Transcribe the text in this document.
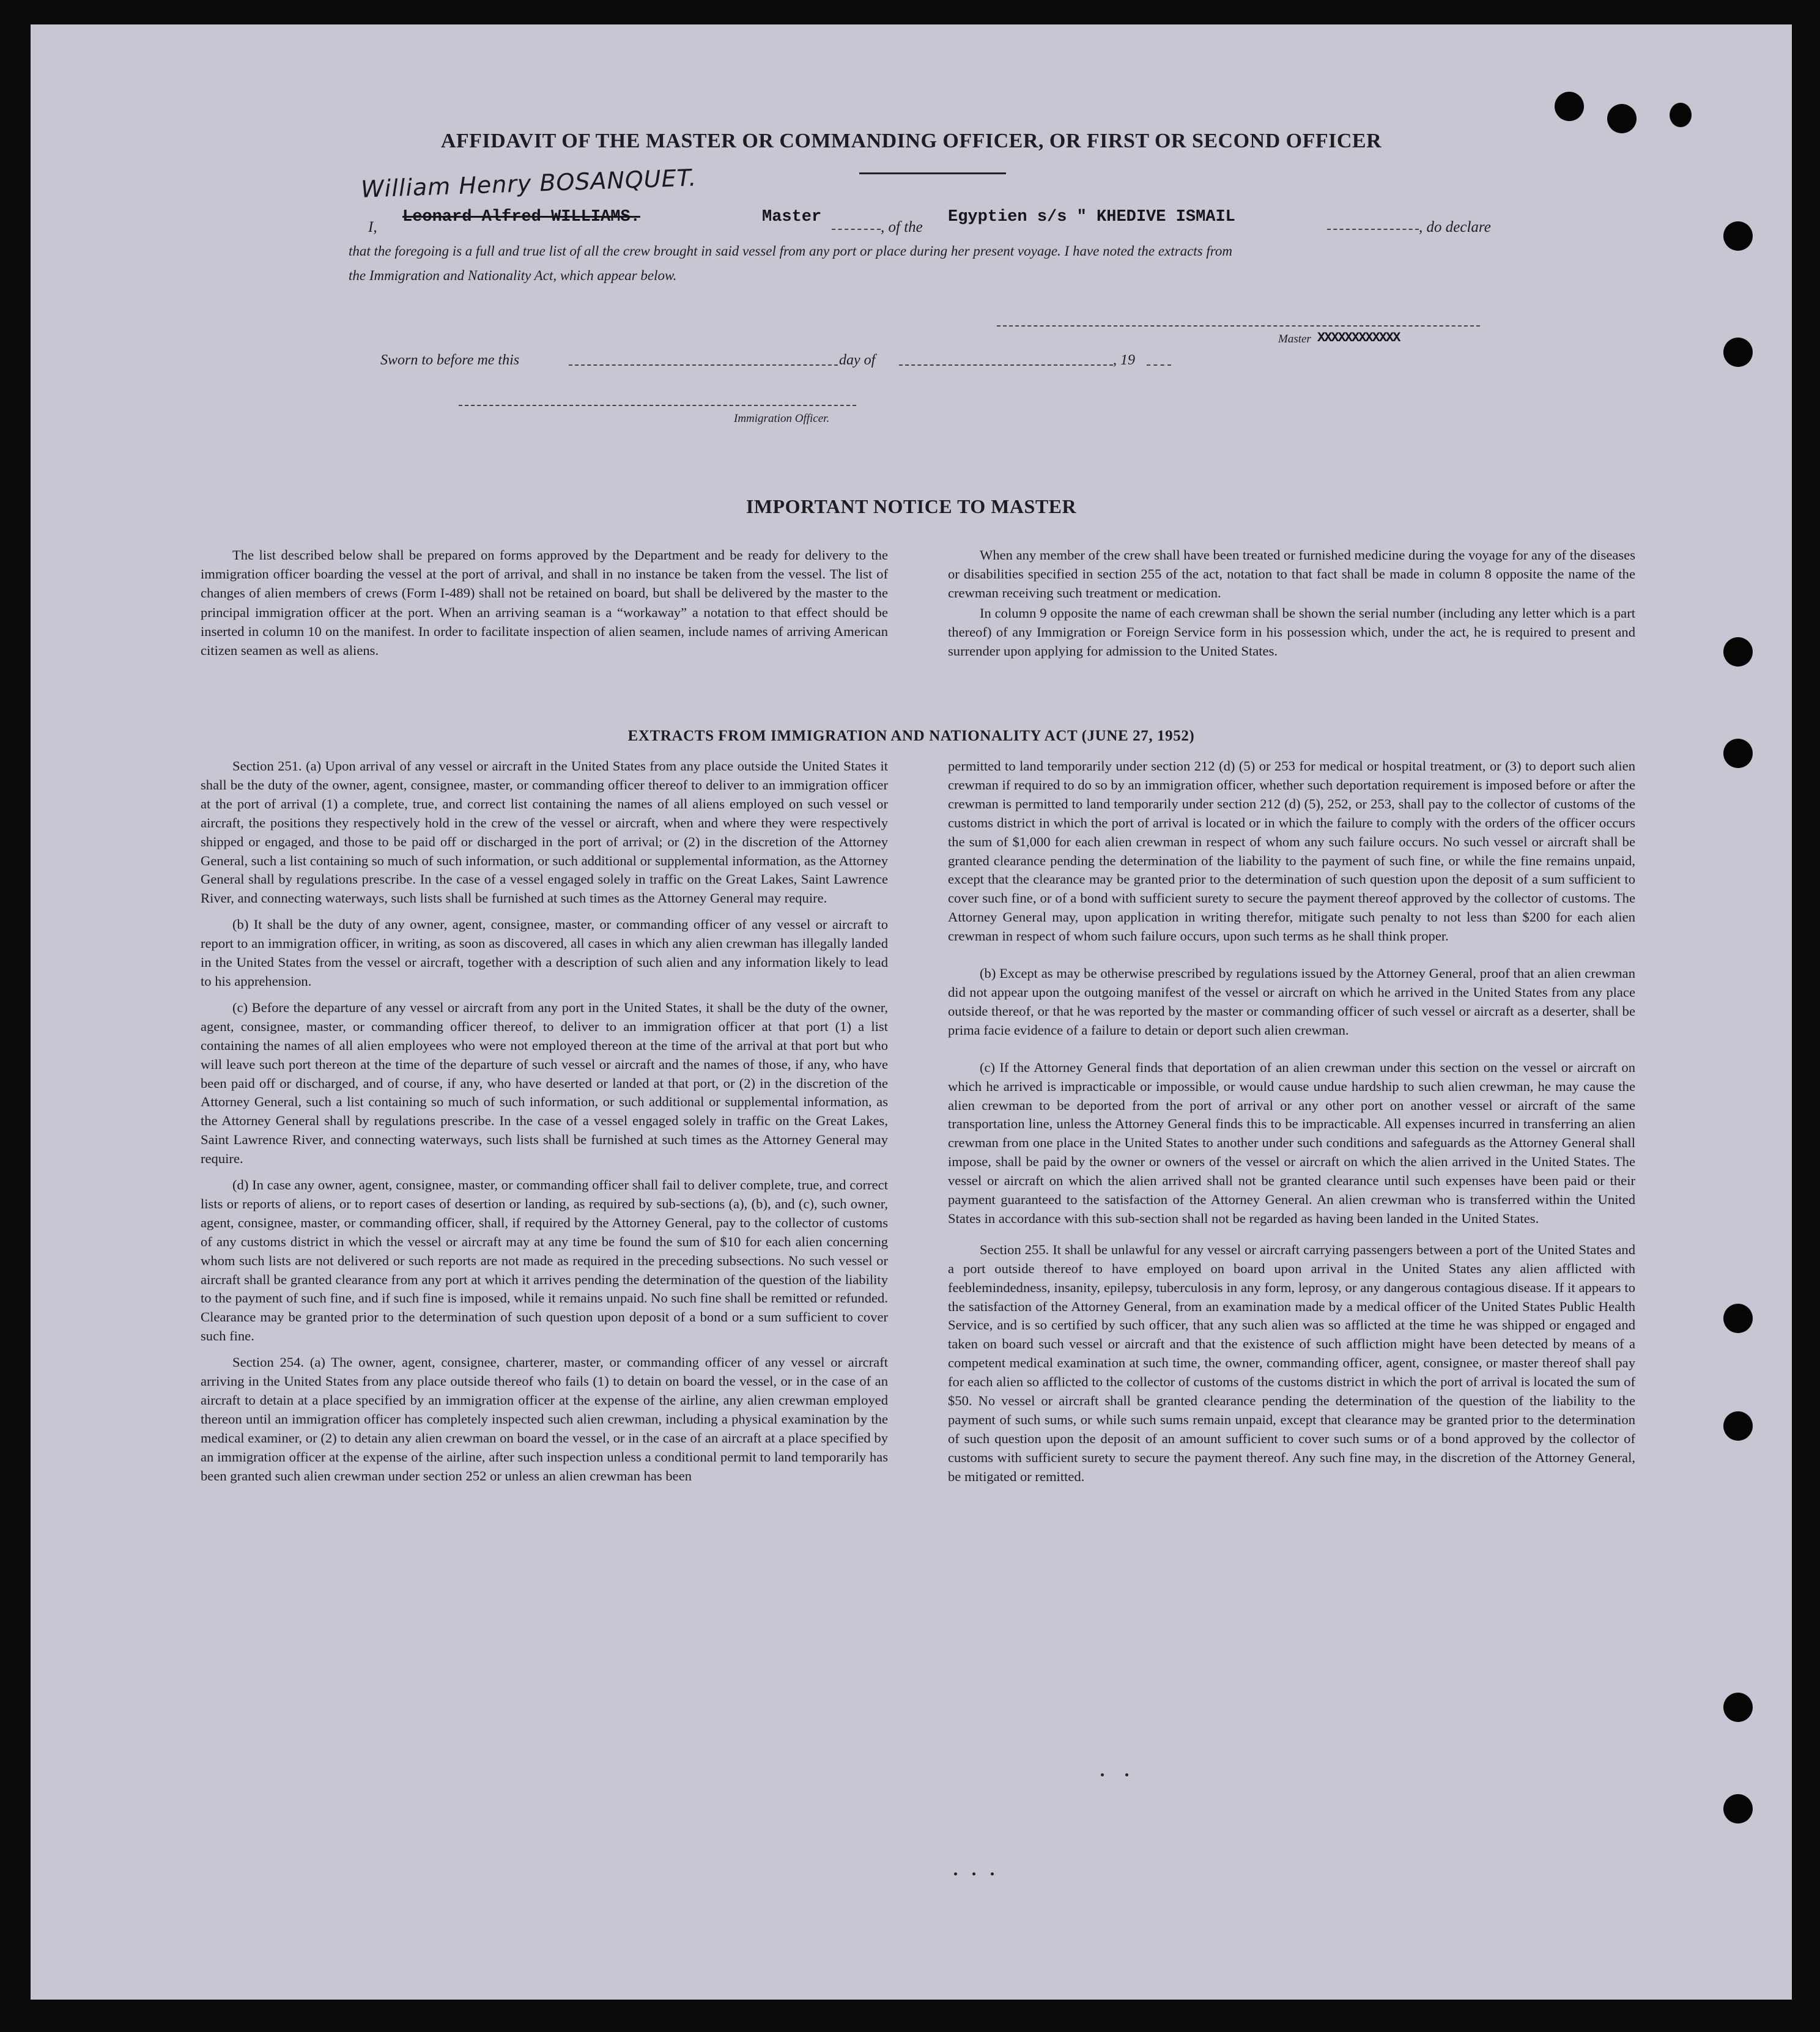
AFFIDAVIT OF THE MASTER OR COMMANDING OFFICER, OR FIRST OR SECOND OFFICER
William Henry BOSANQUET.
I,
Leonard Alfred WILLIAMS.	Master
, of the
Egyptien s/s " KHEDIVE ISMAIL
, do declare
that the foregoing is a full and true list of all the crew brought in said vessel from any port or place during her present voyage. I have noted the extracts from
the Immigration and Nationality Act, which appear below.
Master XXXXXXXXXXXX
Sworn to before me this	day of	, 19
Immigration Officer.
IMPORTANT NOTICE TO MASTER

The list described below shall be prepared on forms approved by the Department and be ready for delivery to the immigration officer boarding the vessel at the port of arrival, and shall in no instance be taken from the vessel. The list of changes of alien members of crews (Form I-489) shall not be retained on board, but shall be delivered by the master to the principal immigration officer at the port. When an arriving seaman is a “workaway” a notation to that effect should be inserted in column 10 on the manifest. In order to facilitate inspection of alien seamen, include names of arriving American citizen seamen as well as aliens.

When any member of the crew shall have been treated or furnished medicine during the voyage for any of the diseases or disabilities specified in section 255 of the act, notation to that fact shall be made in column 8 opposite the name of the crewman receiving such treatment or medication.

In column 9 opposite the name of each crewman shall be shown the serial number (including any letter which is a part thereof) of any Immigration or Foreign Service form in his possession which, under the act, he is required to present and surrender upon applying for admission to the United States.

EXTRACTS FROM IMMIGRATION AND NATIONALITY ACT (JUNE 27, 1952)

Section 251. (a) Upon arrival of any vessel or aircraft in the United States from any place outside the United States it shall be the duty of the owner, agent, consignee, master, or commanding officer thereof to deliver to an immigration officer at the port of arrival (1) a complete, true, and correct list containing the names of all aliens employed on such vessel or aircraft, the positions they respectively hold in the crew of the vessel or aircraft, when and where they were respectively shipped or engaged, and those to be paid off or discharged in the port of arrival; or (2) in the discretion of the Attorney General, such a list containing so much of such information, or such additional or supplemental information, as the Attorney General shall by regulations prescribe. In the case of a vessel engaged solely in traffic on the Great Lakes, Saint Lawrence River, and connecting waterways, such lists shall be furnished at such times as the Attorney General may require.

(b) It shall be the duty of any owner, agent, consignee, master, or commanding officer of any vessel or aircraft to report to an immigration officer, in writing, as soon as discovered, all cases in which any alien crewman has illegally landed in the United States from the vessel or aircraft, together with a description of such alien and any information likely to lead to his apprehension.

(c) Before the departure of any vessel or aircraft from any port in the United States, it shall be the duty of the owner, agent, consignee, master, or commanding officer thereof, to deliver to an immigration officer at that port (1) a list containing the names of all alien employees who were not employed thereon at the time of the arrival at that port but who will leave such port thereon at the time of the departure of such vessel or aircraft and the names of those, if any, who have been paid off or discharged, and of course, if any, who have deserted or landed at that port, or (2) in the discretion of the Attorney General, such a list containing so much of such information, or such additional or supplemental information, as the Attorney General shall by regulations prescribe. In the case of a vessel engaged solely in traffic on the Great Lakes, Saint Lawrence River, and connecting waterways, such lists shall be furnished at such times as the Attorney General may require.

(d) In case any owner, agent, consignee, master, or commanding officer shall fail to deliver complete, true, and correct lists or reports of aliens, or to report cases of desertion or landing, as required by sub-sections (a), (b), and (c), such owner, agent, consignee, master, or commanding officer, shall, if required by the Attorney General, pay to the collector of customs of any customs district in which the vessel or aircraft may at any time be found the sum of $10 for each alien concerning whom such lists are not delivered or such reports are not made as required in the preceding subsections. No such vessel or aircraft shall be granted clearance from any port at which it arrives pending the determination of the question of the liability to the payment of such fine, and if such fine is imposed, while it remains unpaid. No such fine shall be remitted or refunded. Clearance may be granted prior to the determination of such question upon deposit of a bond or a sum sufficient to cover such fine.

Section 254. (a) The owner, agent, consignee, charterer, master, or commanding officer of any vessel or aircraft arriving in the United States from any place outside thereof who fails (1) to detain on board the vessel, or in the case of an aircraft to detain at a place specified by an immigration officer at the expense of the airline, any alien crewman employed thereon until an immigration officer has completely inspected such alien crewman, including a physical examination by the medical examiner, or (2) to detain any alien crewman on board the vessel, or in the case of an aircraft at a place specified by an immigration officer at the expense of the airline, after such inspection unless a conditional permit to land temporarily has been granted such alien crewman under section 252 or unless an alien crewman has been

permitted to land temporarily under section 212 (d) (5) or 253 for medical or hospital treatment, or (3) to deport such alien crewman if required to do so by an immigration officer, whether such deportation requirement is imposed before or after the crewman is permitted to land temporarily under section 212 (d) (5), 252, or 253, shall pay to the collector of customs of the customs district in which the port of arrival is located or in which the failure to comply with the orders of the officer occurs the sum of $1,000 for each alien crewman in respect of whom any such failure occurs. No such vessel or aircraft shall be granted clearance pending the determination of the liability to the payment of such fine, or while the fine remains unpaid, except that the clearance may be granted prior to the determination of such question upon the deposit of a sum sufficient to cover such fine, or of a bond with sufficient surety to secure the payment thereof approved by the collector of customs. The Attorney General may, upon application in writing therefor, mitigate such penalty to not less than $200 for each alien crewman in respect of whom such failure occurs, upon such terms as he shall think proper.

(b) Except as may be otherwise prescribed by regulations issued by the Attorney General, proof that an alien crewman did not appear upon the outgoing manifest of the vessel or aircraft on which he arrived in the United States from any place outside thereof, or that he was reported by the master or commanding officer of such vessel or aircraft as a deserter, shall be prima facie evidence of a failure to detain or deport such alien crewman.

(c) If the Attorney General finds that deportation of an alien crewman under this section on the vessel or aircraft on which he arrived is impracticable or impossible, or would cause undue hardship to such alien crewman, he may cause the alien crewman to be deported from the port of arrival or any other port on another vessel or aircraft of the same transportation line, unless the Attorney General finds this to be impracticable. All expenses incurred in transferring an alien crewman from one place in the United States to another under such conditions and safeguards as the Attorney General shall impose, shall be paid by the owner or owners of the vessel or aircraft on which the alien arrived in the United States. The vessel or aircraft on which the alien arrived shall not be granted clearance until such expenses have been paid or their payment guaranteed to the satisfaction of the Attorney General. An alien crewman who is transferred within the United States in accordance with this sub-section shall not be regarded as having been landed in the United States.

Section 255. It shall be unlawful for any vessel or aircraft carrying passengers between a port of the United States and a port outside thereof to have employed on board upon arrival in the United States any alien afflicted with feeblemindedness, insanity, epilepsy, tuberculosis in any form, leprosy, or any dangerous contagious disease. If it appears to the satisfaction of the Attorney General, from an examination made by a medical officer of the United States Public Health Service, and is so certified by such officer, that any such alien was so afflicted at the time he was shipped or engaged and taken on board such vessel or aircraft and that the existence of such affliction might have been detected by means of a competent medical examination at such time, the owner, commanding officer, agent, consignee, or master thereof shall pay for each alien so afflicted to the collector of customs of the customs district in which the port of arrival is located the sum of $50. No vessel or aircraft shall be granted clearance pending the determination of the question of the liability to the payment of such sums, or while such sums remain unpaid, except that clearance may be granted prior to the determination of such question upon the deposit of an amount sufficient to cover such sums or of a bond approved by the collector of customs with sufficient surety to secure the payment thereof. Any such fine may, in the discretion of the Attorney General, be mitigated or remitted.
